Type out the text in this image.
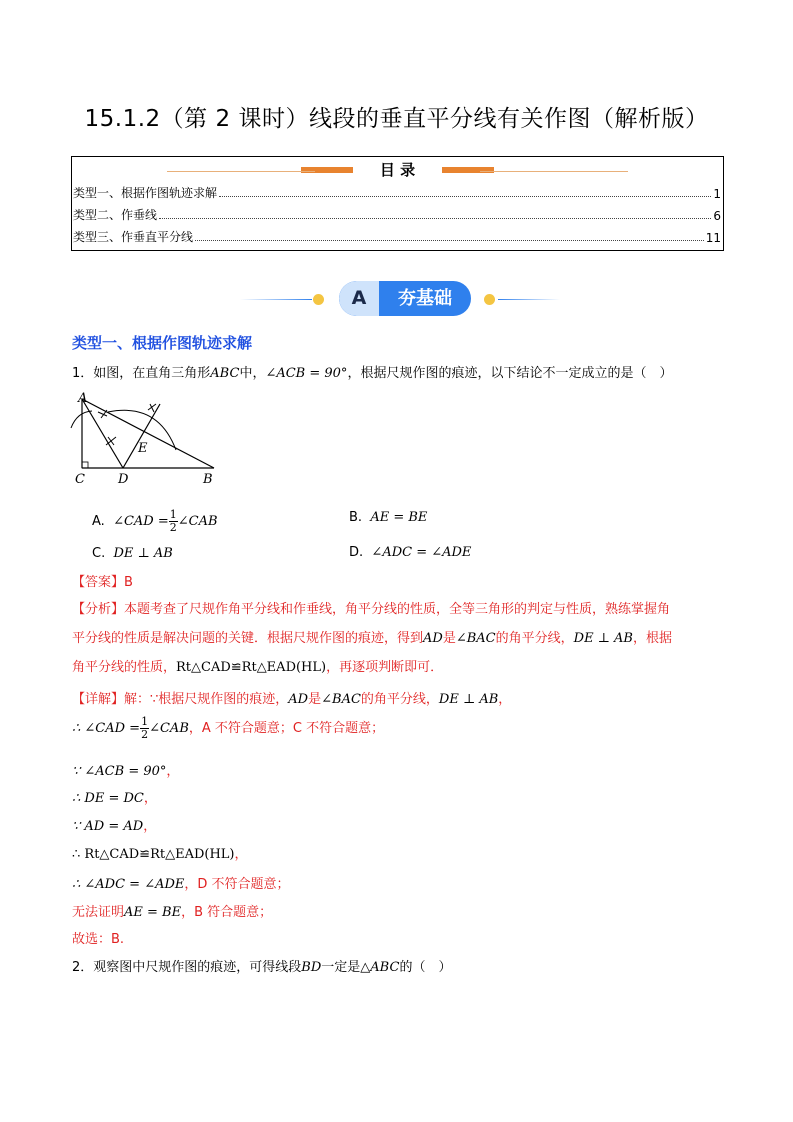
15.1.2（第 2 课时）线段的垂直平分线有关作图（解析版）
目 录
类型一、根据作图轨迹求解	1
类型二、作垂线	6
类型三、作垂直平分线	11
A	夯基础
类型一、根据作图轨迹求解
1．如图，在直角三角形ABC中，∠ACB = 90°，根据尺规作图的痕迹，以下结论不一定成立的是（　）
A
C	D
E
B
A. ∠CAD = $\frac{1}{2}$ ∠CAB	B. AE = BE
C. DE ⊥ AB	D. ∠ADC = ∠ADE
【答案】B
【分析】本题考查了尺规作角平分线和作垂线，角平分线的性质，全等三角形的判定与性质，熟练掌握角
平分线的性质是解决问题的关键．根据尺规作图的痕迹，得到AD是∠BAC的角平分线，DE ⊥ AB，根据
角平分线的性质，Rt△CAD≌Rt△EAD(HL)，再逐项判断即可．
【详解】解：∵根据尺规作图的痕迹，AD是∠BAC的角平分线，DE ⊥ AB，
∴ ∠CAD = $\frac{1}{2}$ ∠CAB，A 不符合题意；C 不符合题意；
∵ ∠ACB = 90°，
∴ DE = DC，
∵ AD = AD，
∴ Rt△CAD≌Rt△EAD(HL)，
∴ ∠ADC = ∠ADE，D 不符合题意；
无法证明AE = BE，B 符合题意；
故选：B.
2．观察图中尺规作图的痕迹，可得线段BD一定是△ABC的（　）
